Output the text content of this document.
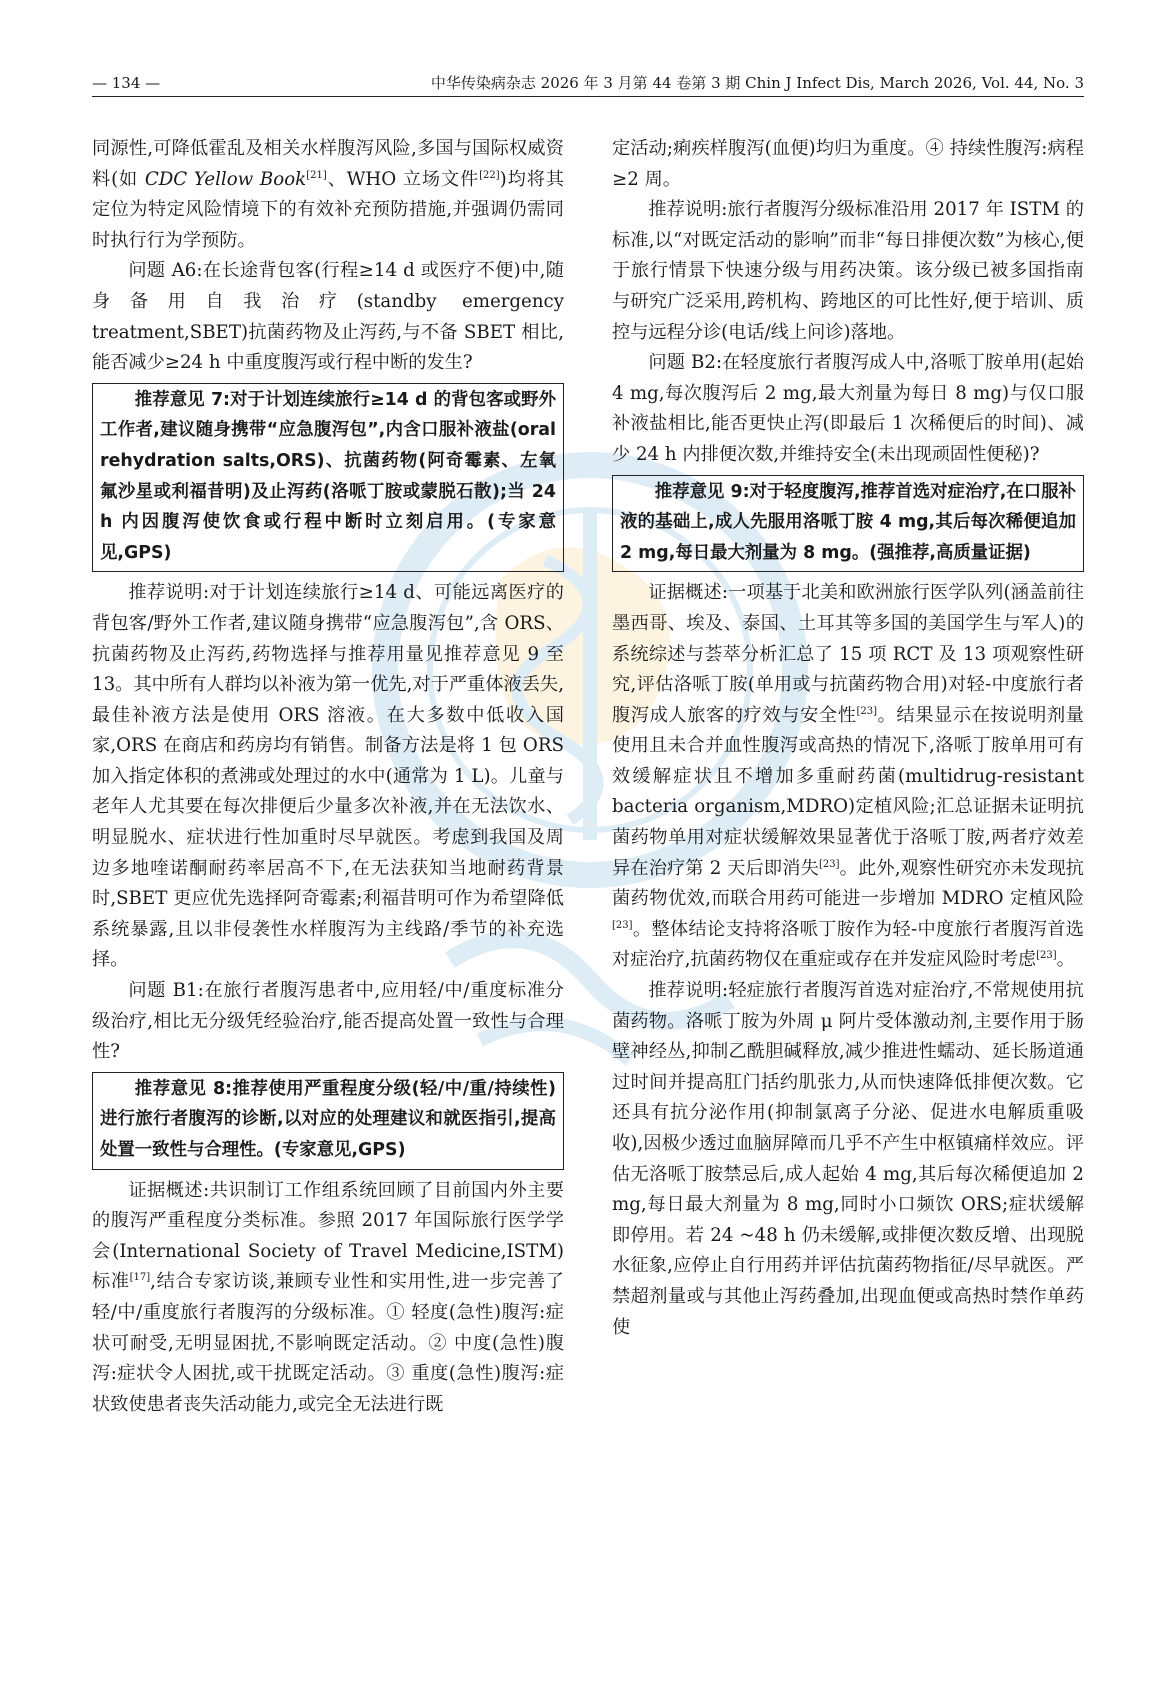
— 134 —	中华传染病杂志 2026 年 3 月第 44 卷第 3 期 Chin J Infect Dis, March 2026, Vol. 44, No. 3

同源性,可降低霍乱及相关水样腹泻风险,多国与国际权威资料(如 CDC Yellow Book[21]、WHO 立场文件[22])均将其定位为特定风险情境下的有效补充预防措施,并强调仍需同时执行行为学预防。

问题 A6:在长途背包客(行程≥14 d 或医疗不便)中,随身备用自我治疗(standby emergency treatment,SBET)抗菌药物及止泻药,与不备 SBET 相比,能否减少≥24 h 中重度腹泻或行程中断的发生?

推荐意见 7:对于计划连续旅行≥14 d 的背包客或野外工作者,建议随身携带“应急腹泻包”,内含口服补液盐(oral rehydration salts,ORS)、抗菌药物(阿奇霉素、左氧氟沙星或利福昔明)及止泻药(洛哌丁胺或蒙脱石散);当 24 h 内因腹泻使饮食或行程中断时立刻启用。(专家意见,GPS)

推荐说明:对于计划连续旅行≥14 d、可能远离医疗的背包客/野外工作者,建议随身携带“应急腹泻包”,含 ORS、抗菌药物及止泻药,药物选择与推荐用量见推荐意见 9 至 13。其中所有人群均以补液为第一优先,对于严重体液丢失,最佳补液方法是使用 ORS 溶液。在大多数中低收入国家,ORS 在商店和药房均有销售。制备方法是将 1 包 ORS 加入指定体积的煮沸或处理过的水中(通常为 1 L)。儿童与老年人尤其要在每次排便后少量多次补液,并在无法饮水、明显脱水、症状进行性加重时尽早就医。考虑到我国及周边多地喹诺酮耐药率居高不下,在无法获知当地耐药背景时,SBET 更应优先选择阿奇霉素;利福昔明可作为希望降低系统暴露,且以非侵袭性水样腹泻为主线路/季节的补充选择。

问题 B1:在旅行者腹泻患者中,应用轻/中/重度标准分级治疗,相比无分级凭经验治疗,能否提高处置一致性与合理性?

推荐意见 8:推荐使用严重程度分级(轻/中/重/持续性)进行旅行者腹泻的诊断,以对应的处理建议和就医指引,提高处置一致性与合理性。(专家意见,GPS)

证据概述:共识制订工作组系统回顾了目前国内外主要的腹泻严重程度分类标准。参照 2017 年国际旅行医学学会(International Society of Travel Medicine,ISTM)标准[17],结合专家访谈,兼顾专业性和实用性,进一步完善了轻/中/重度旅行者腹泻的分级标准。① 轻度(急性)腹泻:症状可耐受,无明显困扰,不影响既定活动。② 中度(急性)腹泻:症状令人困扰,或干扰既定活动。③ 重度(急性)腹泻:症状致使患者丧失活动能力,或完全无法进行既

定活动;痢疾样腹泻(血便)均归为重度。④ 持续性腹泻:病程≥2 周。

推荐说明:旅行者腹泻分级标准沿用 2017 年 ISTM 的标准,以“对既定活动的影响”而非“每日排便次数”为核心,便于旅行情景下快速分级与用药决策。该分级已被多国指南与研究广泛采用,跨机构、跨地区的可比性好,便于培训、质控与远程分诊(电话/线上问诊)落地。

问题 B2:在轻度旅行者腹泻成人中,洛哌丁胺单用(起始 4 mg,每次腹泻后 2 mg,最大剂量为每日 8 mg)与仅口服补液盐相比,能否更快止泻(即最后 1 次稀便后的时间)、减少 24 h 内排便次数,并维持安全(未出现顽固性便秘)?

推荐意见 9:对于轻度腹泻,推荐首选对症治疗,在口服补液的基础上,成人先服用洛哌丁胺 4 mg,其后每次稀便追加 2 mg,每日最大剂量为 8 mg。(强推荐,高质量证据)

证据概述:一项基于北美和欧洲旅行医学队列(涵盖前往墨西哥、埃及、泰国、土耳其等多国的美国学生与军人)的系统综述与荟萃分析汇总了 15 项 RCT 及 13 项观察性研究,评估洛哌丁胺(单用或与抗菌药物合用)对轻-中度旅行者腹泻成人旅客的疗效与安全性[23]。结果显示在按说明剂量使用且未合并血性腹泻或高热的情况下,洛哌丁胺单用可有效缓解症状且不增加多重耐药菌(multidrug-resistant bacteria organism,MDRO)定植风险;汇总证据未证明抗菌药物单用对症状缓解效果显著优于洛哌丁胺,两者疗效差异在治疗第 2 天后即消失[23]。此外,观察性研究亦未发现抗菌药物优效,而联合用药可能进一步增加 MDRO 定植风险[23]。整体结论支持将洛哌丁胺作为轻-中度旅行者腹泻首选对症治疗,抗菌药物仅在重症或存在并发症风险时考虑[23]。

推荐说明:轻症旅行者腹泻首选对症治疗,不常规使用抗菌药物。洛哌丁胺为外周 μ 阿片受体激动剂,主要作用于肠壁神经丛,抑制乙酰胆碱释放,减少推进性蠕动、延长肠道通过时间并提高肛门括约肌张力,从而快速降低排便次数。它还具有抗分泌作用(抑制氯离子分泌、促进水电解质重吸收),因极少透过血脑屏障而几乎不产生中枢镇痛样效应。评估无洛哌丁胺禁忌后,成人起始 4 mg,其后每次稀便追加 2 mg,每日最大剂量为 8 mg,同时小口频饮 ORS;症状缓解即停用。若 24 ~48 h 仍未缓解,或排便次数反增、出现脱水征象,应停止自行用药并评估抗菌药物指征/尽早就医。严禁超剂量或与其他止泻药叠加,出现血便或高热时禁作单药使
